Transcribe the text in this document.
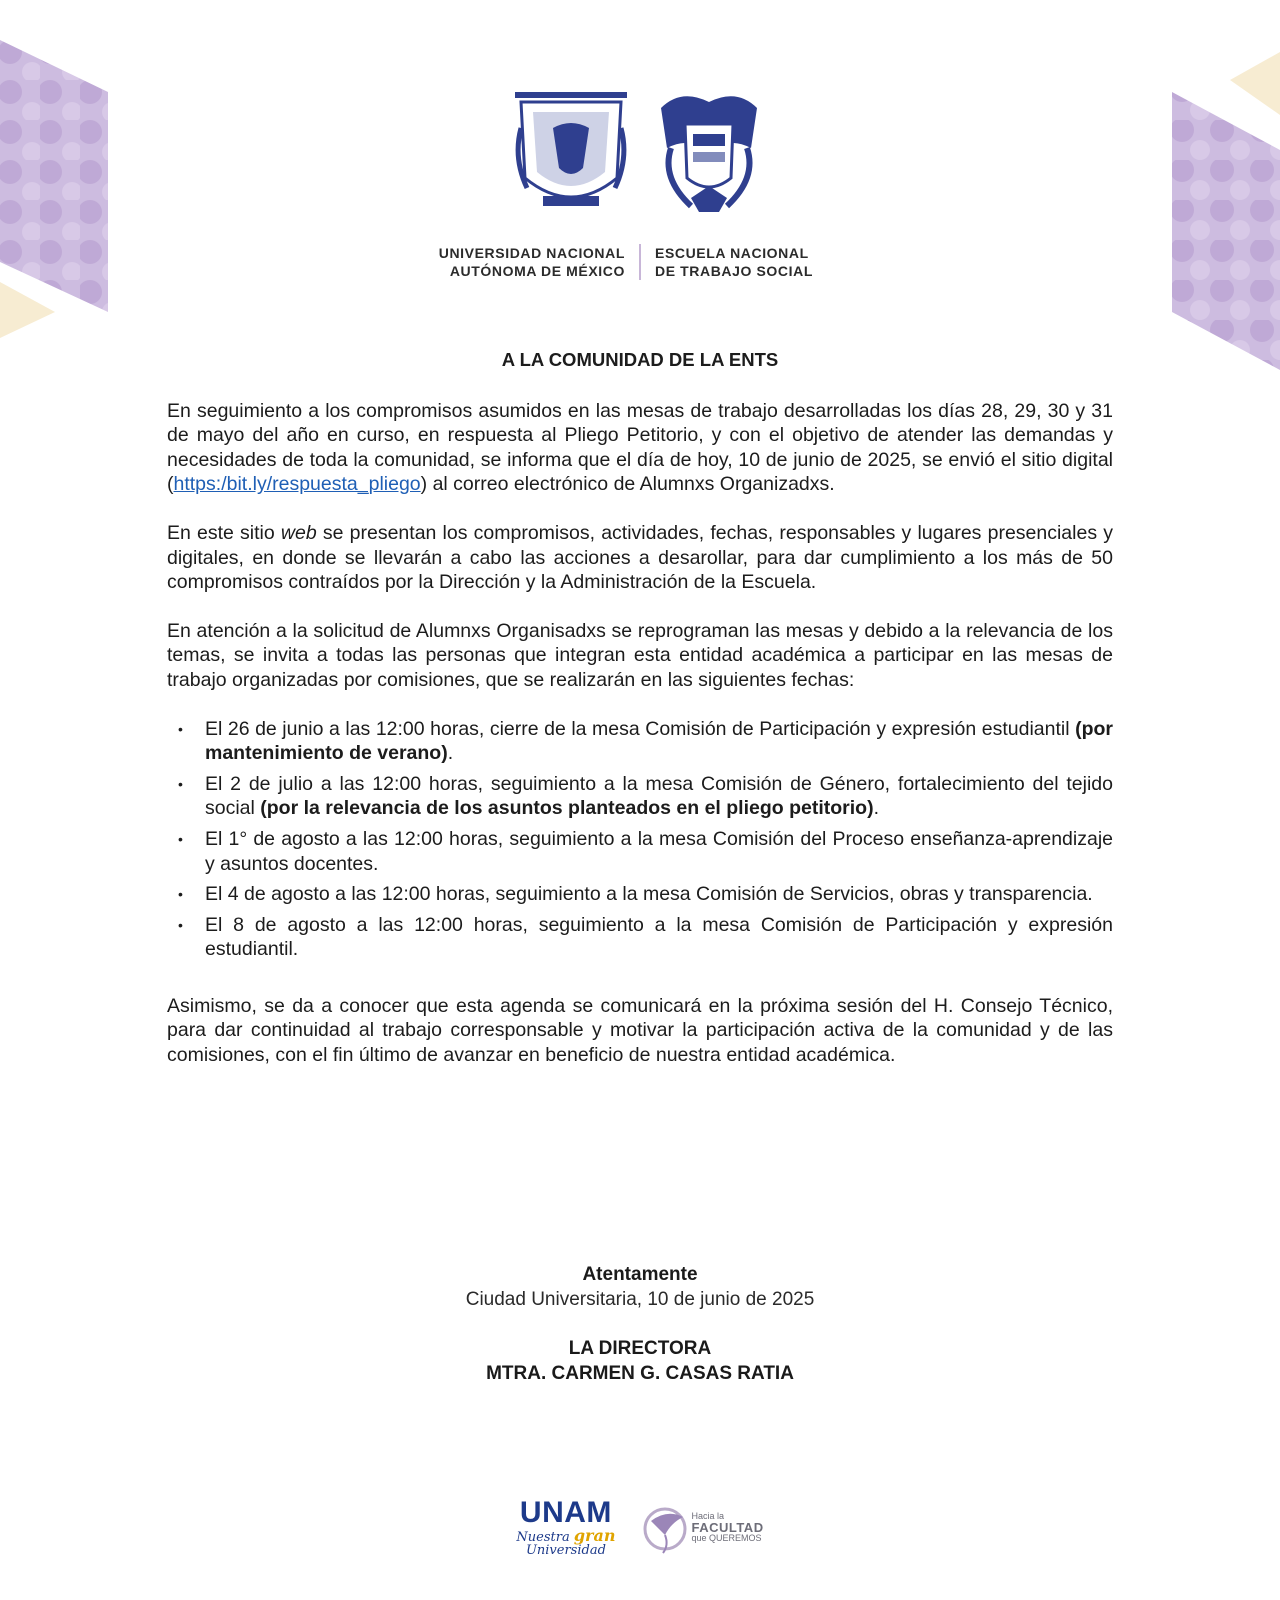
UNIVERSIDAD NACIONAL
AUTÓNOMA DE MÉXICO
ESCUELA NACIONAL
DE TRABAJO SOCIAL
A LA COMUNIDAD DE LA ENTS

En seguimiento a los compromisos asumidos en las mesas de trabajo desarrolladas los días 28, 29, 30 y 31 de mayo del año en curso, en respuesta al Pliego Petitorio, y con el objetivo de atender las demandas y necesidades de toda la comunidad, se informa que el día de hoy, 10 de junio de 2025, se envió el sitio digital (https:/bit.ly/respuesta_pliego) al correo electrónico de Alumnxs Organizadxs.

En este sitio web se presentan los compromisos, actividades, fechas, responsables y lugares presenciales y digitales, en donde se llevarán a cabo las acciones a desarollar, para dar cumplimiento a los más de 50 compromisos contraídos por la Dirección y la Administración de la Escuela.

En atención a la solicitud de Alumnxs Organisadxs se reprograman las mesas y debido a la relevancia de los temas, se invita a todas las personas que integran esta entidad académica a participar en las mesas de trabajo organizadas por comisiones, que se realizarán en las siguientes fechas:

• El 26 de junio a las 12:00 horas, cierre de la mesa Comisión de Participación y expresión estudiantil (por mantenimiento de verano).
• El 2 de julio a las 12:00 horas, seguimiento a la mesa Comisión de Género, fortalecimiento del tejido social (por la relevancia de los asuntos planteados en el pliego petitorio).
• El 1° de agosto a las 12:00 horas, seguimiento a la mesa Comisión del Proceso enseñanza-aprendizaje y asuntos docentes.
• El 4 de agosto a las 12:00 horas, seguimiento a la mesa Comisión de Servicios, obras y transparencia.
• El 8 de agosto a las 12:00 horas, seguimiento a la mesa Comisión de Participación y expresión estudiantil.

Asimismo, se da a conocer que esta agenda se comunicará en la próxima sesión del H. Consejo Técnico, para dar continuidad al trabajo corresponsable y motivar la participación activa de la comunidad y de las comisiones, con el fin último de avanzar en beneficio de nuestra entidad académica.

Atentamente
Ciudad Universitaria, 10 de junio de 2025
LA DIRECTORA
MTRA. CARMEN G. CASAS RATIA
UNAM
Nuestra gran
Universidad
Hacia la
FACULTAD
que QUEREMOS
